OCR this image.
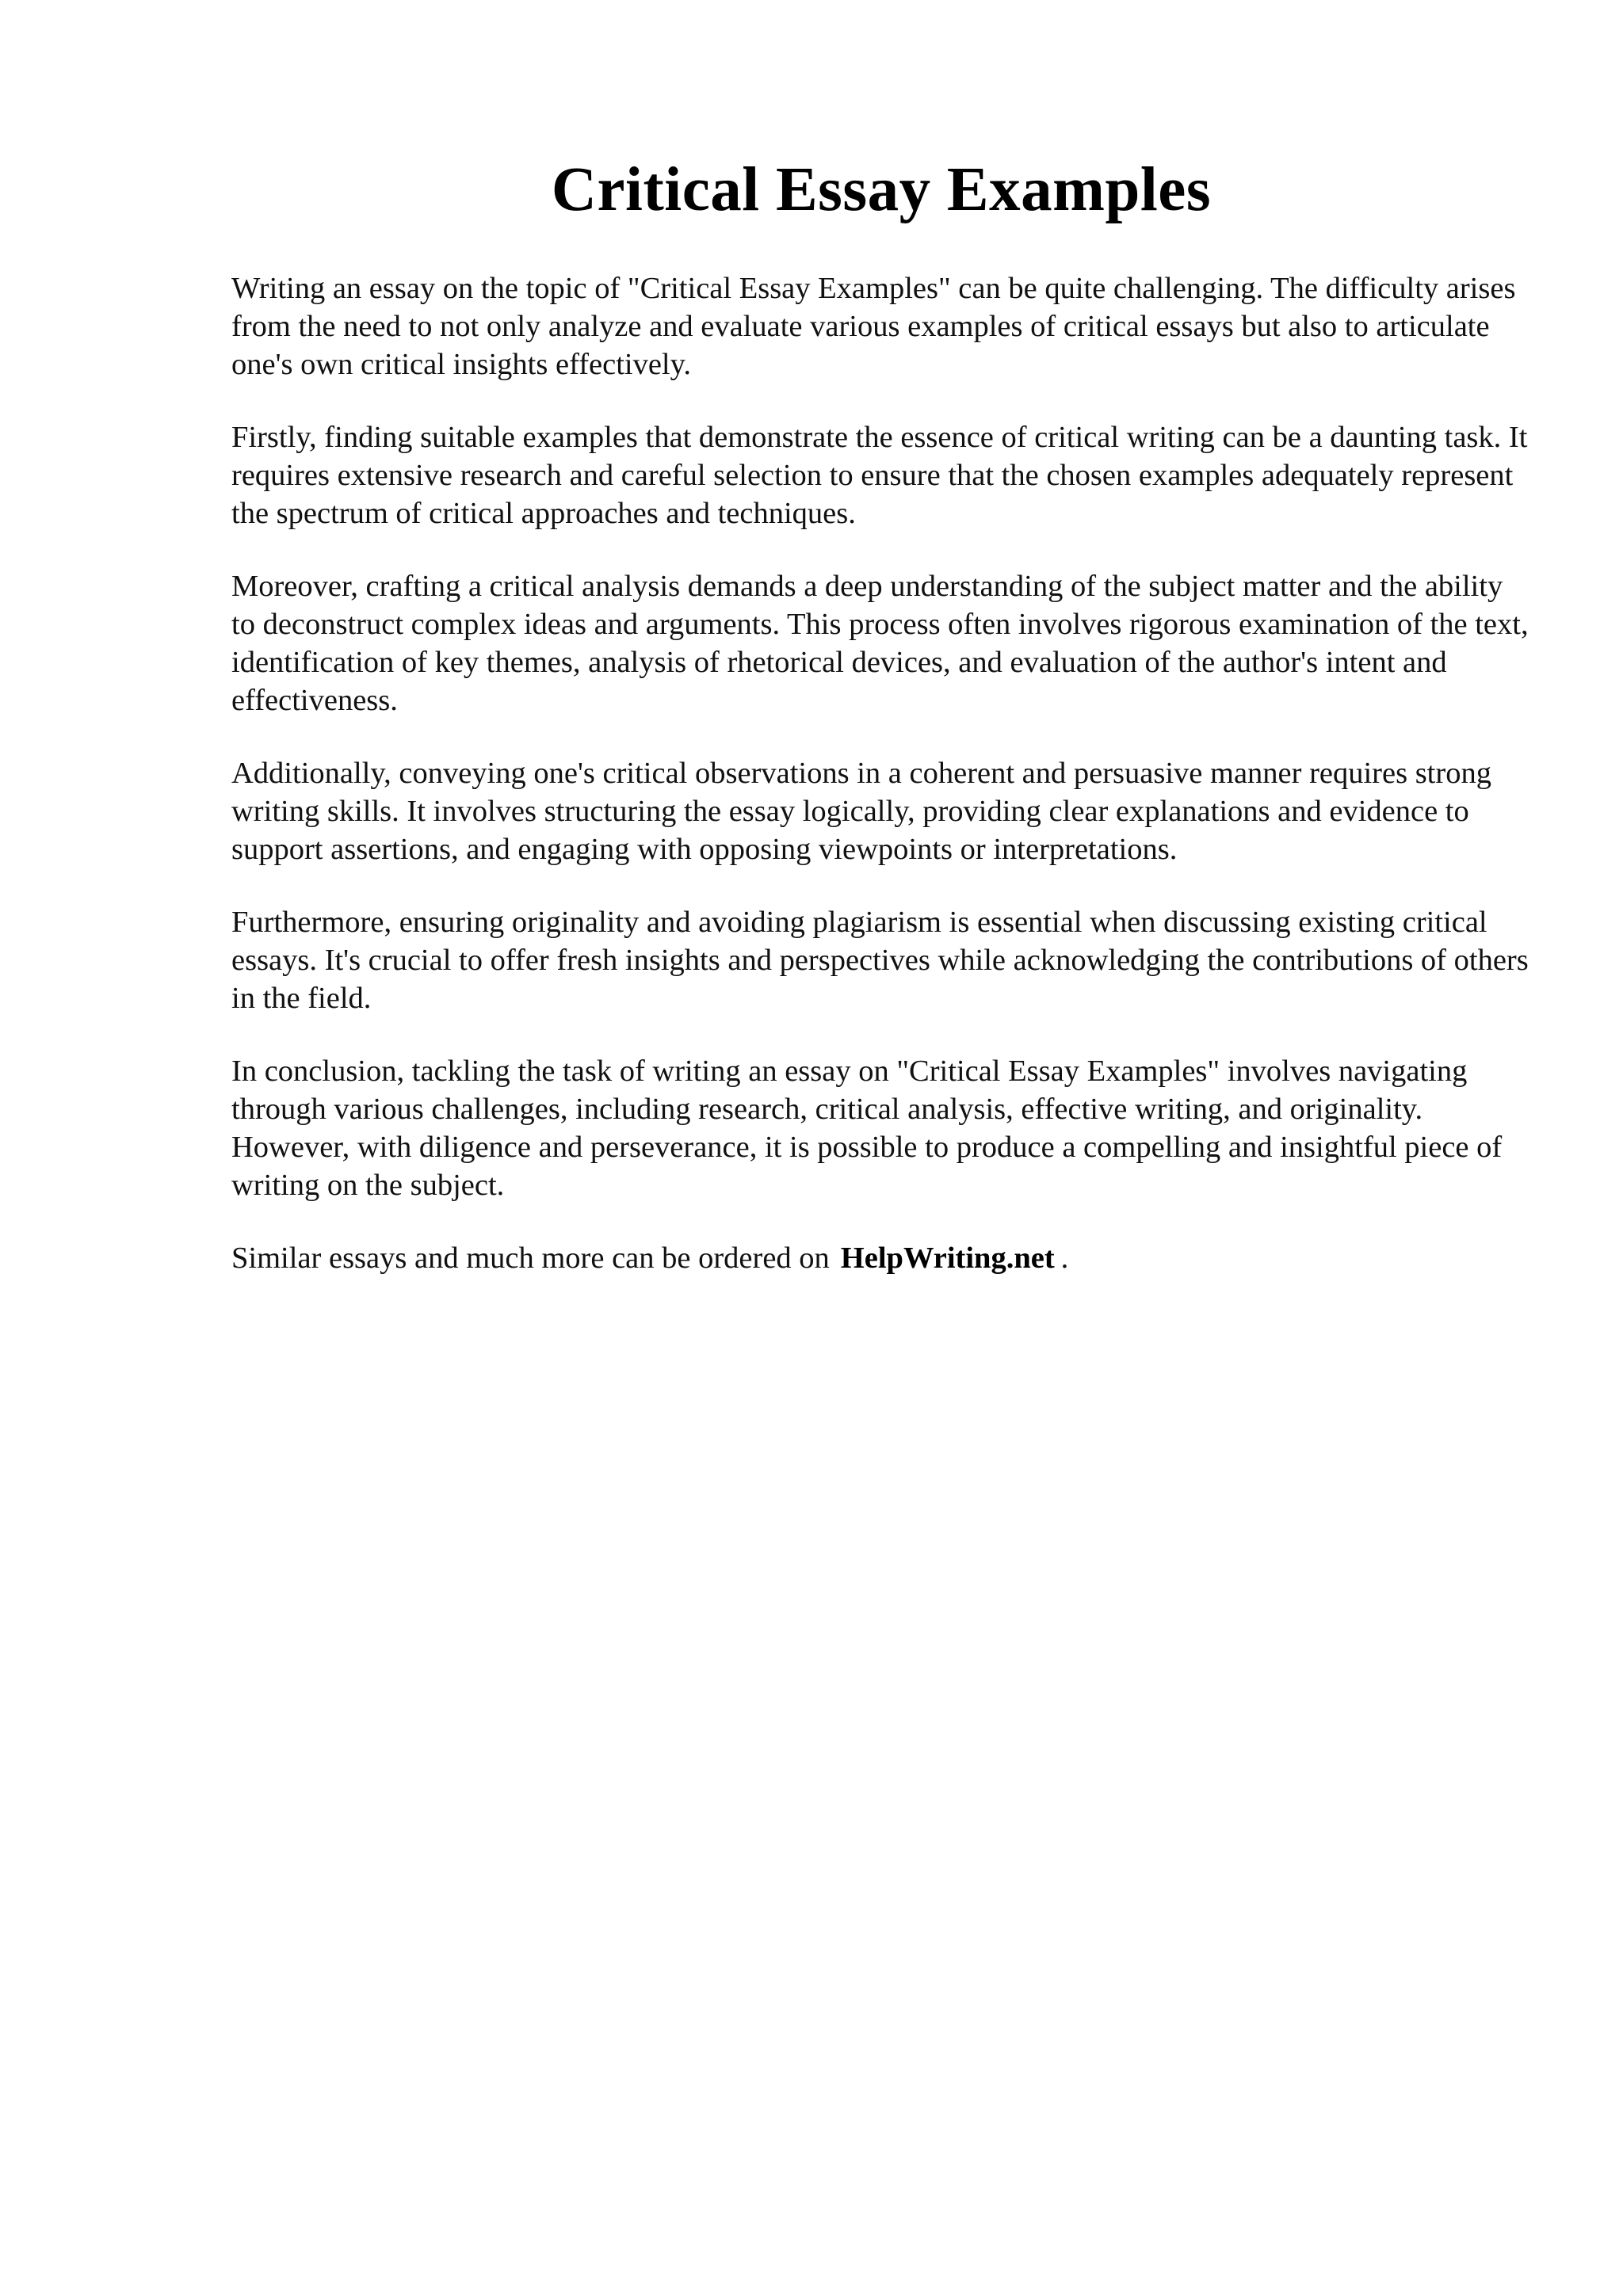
Critical Essay Examples

Writing an essay on the topic of "Critical Essay Examples" can be quite challenging. The difficulty arises from the need to not only analyze and evaluate various examples of critical essays but also to articulate one's own critical insights effectively.

Firstly, finding suitable examples that demonstrate the essence of critical writing can be a daunting task. It requires extensive research and careful selection to ensure that the chosen examples adequately represent the spectrum of critical approaches and techniques.

Moreover, crafting a critical analysis demands a deep understanding of the subject matter and the ability to deconstruct complex ideas and arguments. This process often involves rigorous examination of the text, identification of key themes, analysis of rhetorical devices, and evaluation of the author's intent and effectiveness.

Additionally, conveying one's critical observations in a coherent and persuasive manner requires strong writing skills. It involves structuring the essay logically, providing clear explanations and evidence to support assertions, and engaging with opposing viewpoints or interpretations.

Furthermore, ensuring originality and avoiding plagiarism is essential when discussing existing critical essays. It's crucial to offer fresh insights and perspectives while acknowledging the contributions of others in the field.

In conclusion, tackling the task of writing an essay on "Critical Essay Examples" involves navigating through various challenges, including research, critical analysis, effective writing, and originality. However, with diligence and perseverance, it is possible to produce a compelling and insightful piece of writing on the subject.

Similar essays and much more can be ordered on HelpWriting.net .
